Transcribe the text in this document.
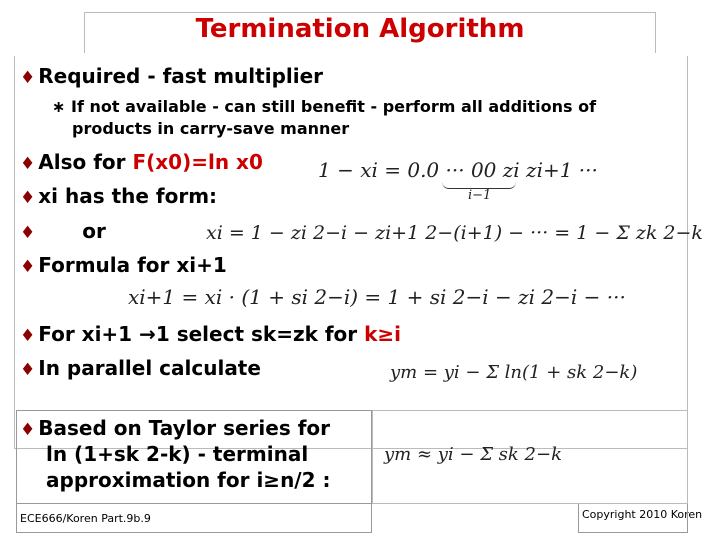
Termination Algorithm
♦ Required - fast multiplier
∗ If not available - can still benefit - perform all additions of
products in carry-save manner
♦ Also for F(x0)=ln x0	1 − xi = 0.0 ··· 00 zi zi+1 ···
i−1
♦ xi has the form:
♦ or	xi = 1 − zi 2−i − zi+1 2−(i+1) − ··· = 1 − Σ zk 2−k
♦ Formula for xi+1
xi+1 = xi · (1 + si 2−i) = 1 + si 2−i − zi 2−i − ···
♦ For xi+1 →1 select sk=zk for k≥i
♦ In parallel calculate	ym = yi − Σ ln(1 + sk 2−k)
♦ Based on Taylor series for
ln (1+sk 2-k) - terminal
approximation for i≥n/2 :
ym ≈ yi − Σ sk 2−k
ECE666/Koren Part.9b.9	Copyright 2010 Koren
